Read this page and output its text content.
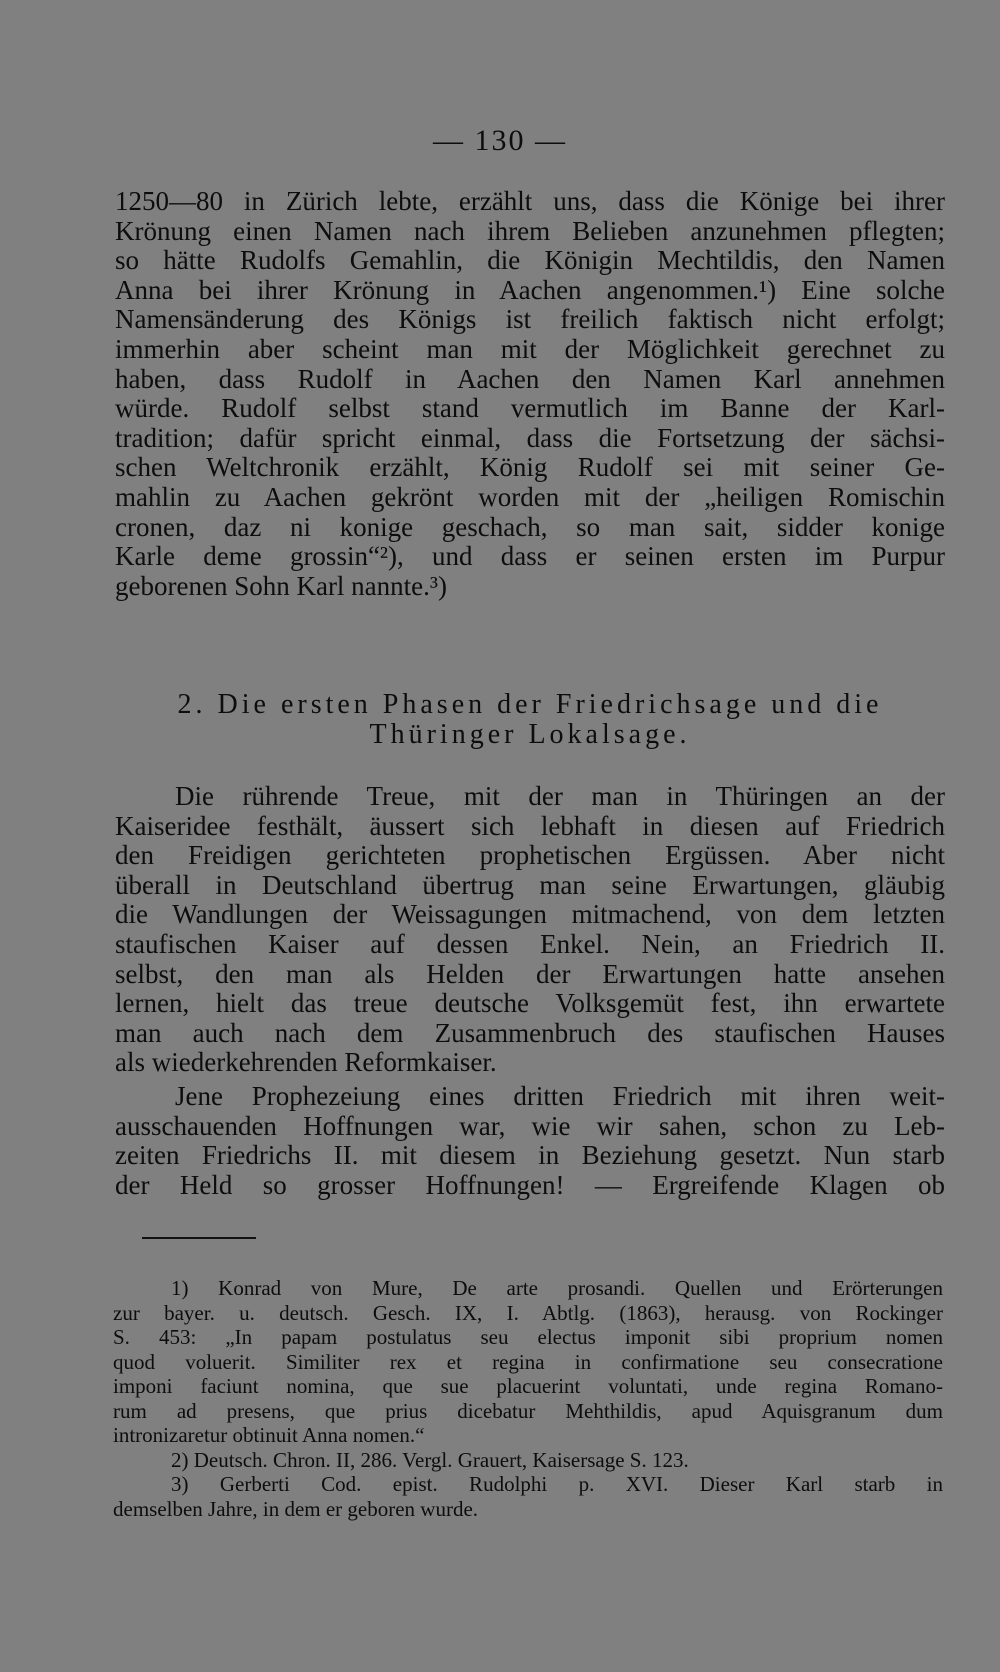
— 130 —
1250—80 in Zürich lebte, erzählt uns, dass die Könige bei ihrer
Krönung einen Namen nach ihrem Belieben anzunehmen pflegten;
so hätte Rudolfs Gemahlin, die Königin Mechtildis, den Namen
Anna bei ihrer Krönung in Aachen angenommen.¹) Eine solche
Namensänderung des Königs ist freilich faktisch nicht erfolgt;
immerhin aber scheint man mit der Möglichkeit gerechnet zu
haben, dass Rudolf in Aachen den Namen Karl annehmen
würde. Rudolf selbst stand vermutlich im Banne der Karl-
tradition; dafür spricht einmal, dass die Fortsetzung der sächsi-
schen Weltchronik erzählt, König Rudolf sei mit seiner Ge-
mahlin zu Aachen gekrönt worden mit der „heiligen Romischin
cronen, daz ni konige geschach, so man sait, sidder konige
Karle deme grossin“²), und dass er seinen ersten im Purpur
geborenen Sohn Karl nannte.³)
2. Die ersten Phasen der Friedrichsage und die
Thüringer Lokalsage.
Die rührende Treue, mit der man in Thüringen an der
Kaiseridee festhält, äussert sich lebhaft in diesen auf Friedrich
den Freidigen gerichteten prophetischen Ergüssen. Aber nicht
überall in Deutschland übertrug man seine Erwartungen, gläubig
die Wandlungen der Weissagungen mitmachend, von dem letzten
staufischen Kaiser auf dessen Enkel. Nein, an Friedrich II.
selbst, den man als Helden der Erwartungen hatte ansehen
lernen, hielt das treue deutsche Volksgemüt fest, ihn erwartete
man auch nach dem Zusammenbruch des staufischen Hauses
als wiederkehrenden Reformkaiser.
Jene Prophezeiung eines dritten Friedrich mit ihren weit-
ausschauenden Hoffnungen war, wie wir sahen, schon zu Leb-
zeiten Friedrichs II. mit diesem in Beziehung gesetzt. Nun starb
der Held so grosser Hoffnungen! — Ergreifende Klagen ob
1) Konrad von Mure, De arte prosandi. Quellen und Erörterungen
zur bayer. u. deutsch. Gesch. IX, I. Abtlg. (1863), herausg. von Rockinger
S. 453: „In papam postulatus seu electus imponit sibi proprium nomen
quod voluerit. Similiter rex et regina in confirmatione seu consecratione
imponi faciunt nomina, que sue placuerint voluntati, unde regina Romano-
rum ad presens, que prius dicebatur Mehthildis, apud Aquisgranum dum
intronizaretur obtinuit Anna nomen.“
2) Deutsch. Chron. II, 286. Vergl. Grauert, Kaisersage S. 123.
3) Gerberti Cod. epist. Rudolphi p. XVI. Dieser Karl starb in
demselben Jahre, in dem er geboren wurde.
